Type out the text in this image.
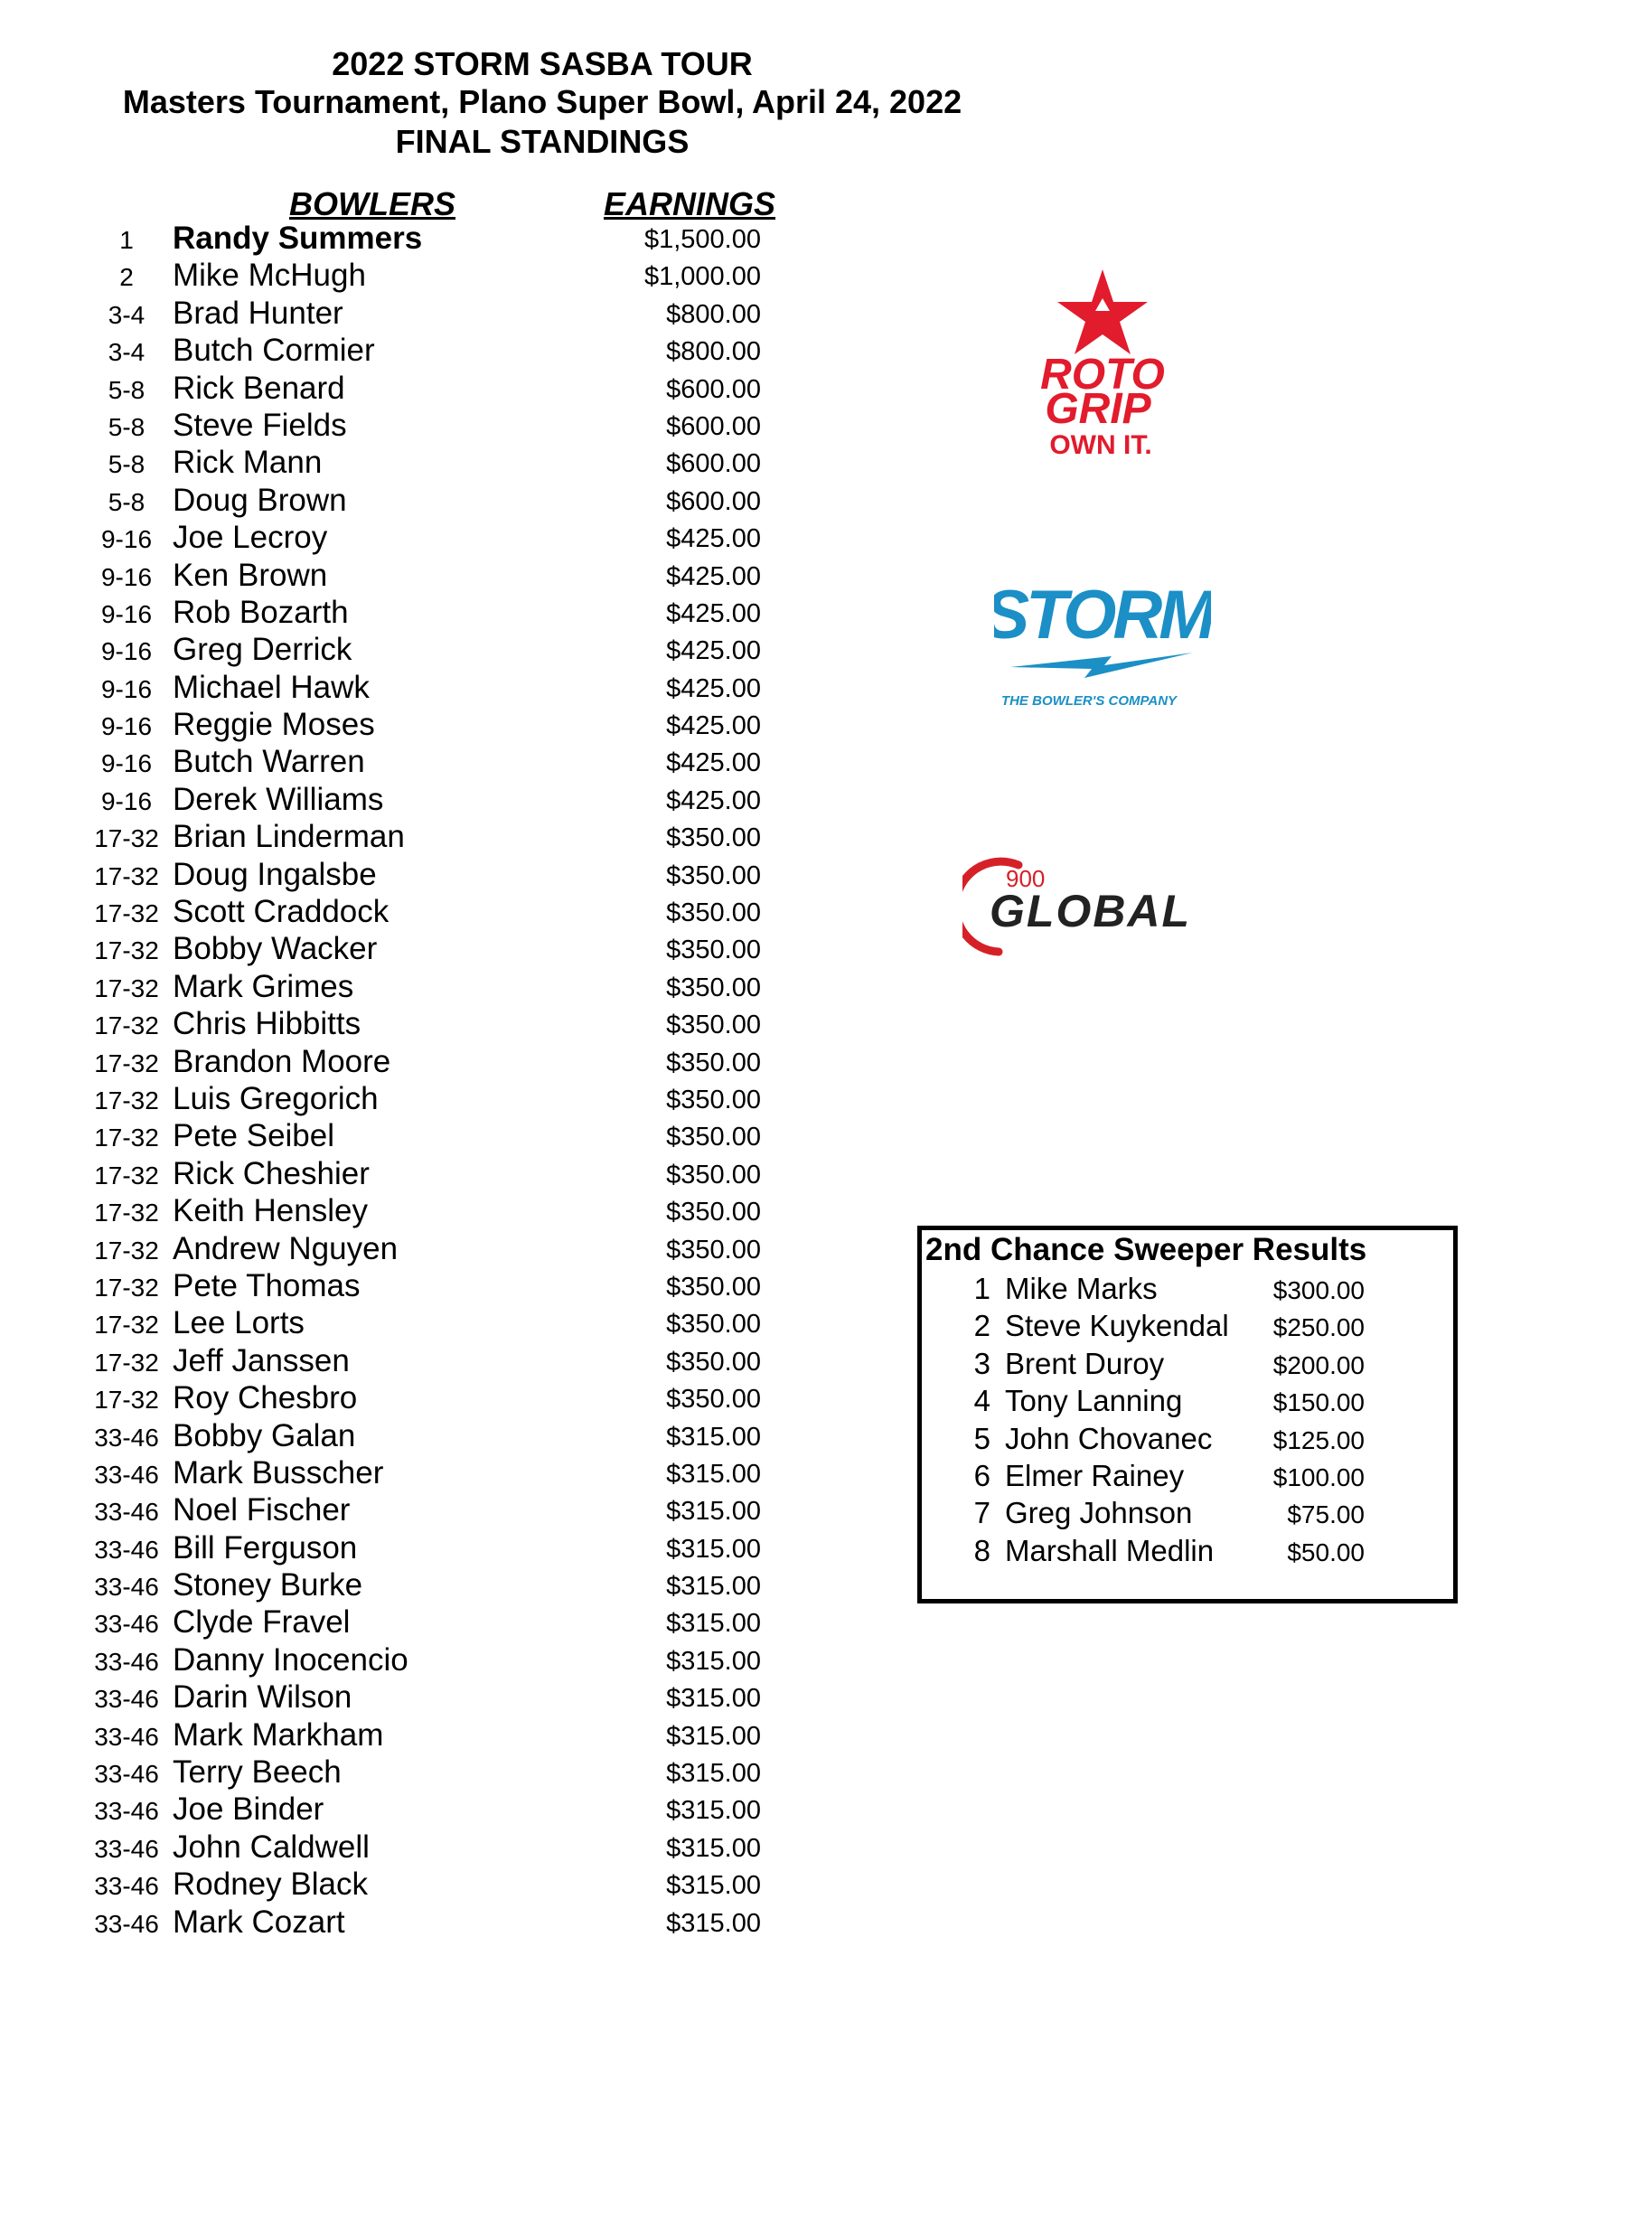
2022 STORM SASBA TOUR
Masters Tournament, Plano Super Bowl, April 24, 2022
FINAL STANDINGS
BOWLERS	EARNINGS
1	Randy Summers	$1,500.00
2	Mike McHugh	$1,000.00
3-4 Brad Hunter	$800.00
3-4 Butch Cormier	$800.00
5-8 Rick Benard	$600.00
5-8 Steve Fields	$600.00
5-8 Rick Mann	$600.00
5-8 Doug Brown	$600.00
9-16 Joe Lecroy	$425.00
9-16 Ken Brown	$425.00
9-16 Rob Bozarth	$425.00
9-16 Greg Derrick	$425.00
9-16 Michael Hawk	$425.00
9-16 Reggie Moses	$425.00
9-16 Butch Warren	$425.00
9-16 Derek Williams	$425.00
17-32 Brian Linderman	$350.00
17-32 Doug Ingalsbe	$350.00
17-32 Scott Craddock	$350.00
17-32 Bobby Wacker	$350.00
17-32 Mark Grimes	$350.00
17-32 Chris Hibbitts	$350.00
17-32 Brandon Moore	$350.00
17-32 Luis Gregorich	$350.00
17-32 Pete Seibel	$350.00
17-32 Rick Cheshier	$350.00
17-32 Keith Hensley	$350.00
17-32 Andrew Nguyen	$350.00
17-32 Pete Thomas	$350.00
17-32 Lee Lorts	$350.00
17-32 Jeff Janssen	$350.00
17-32 Roy Chesbro	$350.00
33-46 Bobby Galan	$315.00
33-46 Mark Busscher	$315.00
33-46 Noel Fischer	$315.00
33-46 Bill Ferguson	$315.00
33-46 Stoney Burke	$315.00
33-46 Clyde Fravel	$315.00
33-46 Danny Inocencio	$315.00
33-46 Darin Wilson	$315.00
33-46 Mark Markham	$315.00
33-46 Terry Beech	$315.00
33-46 Joe Binder	$315.00
33-46 John Caldwell	$315.00
33-46 Rodney Black	$315.00
33-46 Mark Cozart	$315.00
ROTO
GRIP
OWN IT.
STORM
THE BOWLER'S COMPANY
900
GLOBAL
2nd Chance Sweeper Results
1 Mike Marks	$300.00
2 Steve Kuykendal	$250.00
3 Brent Duroy	$200.00
4 Tony Lanning	$150.00
5 John Chovanec	$125.00
6 Elmer Rainey	$100.00
7 Greg Johnson	$75.00
8 Marshall Medlin	$50.00
